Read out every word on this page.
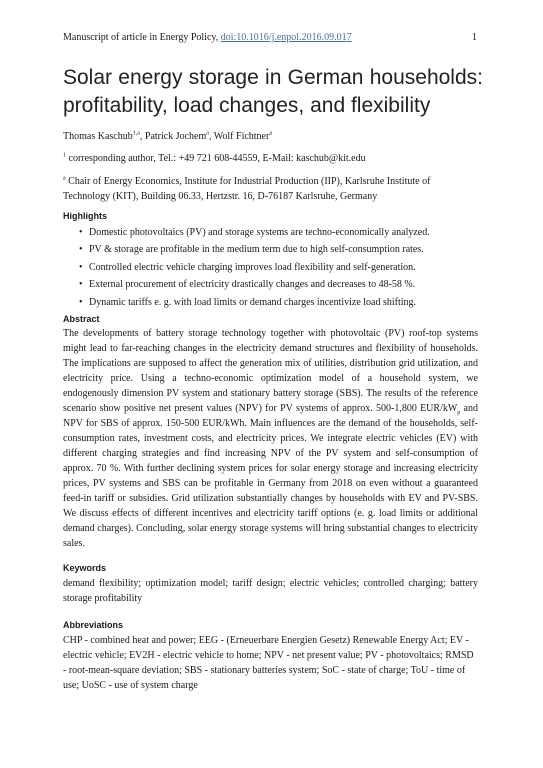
Manuscript of article in Energy Policy, doi:10.1016/j.enpol.2016.09.017	1
Solar energy storage in German households: profitability, load changes, and flexibility

Thomas Kaschub$^{1,a}$, Patrick Jochem$^a$, Wolf Fichtner$^a$

$^1$ corresponding author, Tel.: +49 721 608-44559, E-Mail: kaschub@kit.edu

$^a$ Chair of Energy Economics, Institute for Industrial Production (IIP), Karlsruhe Institute of Technology (KIT), Building 06.33, Hertzstr. 16, D-76187 Karlsruhe, Germany

Highlights

• Domestic photovoltaics (PV) and storage systems are techno-economically analyzed.
• PV & storage are profitable in the medium term due to high self-consumption rates.
• Controlled electric vehicle charging improves load flexibility and self-generation.
• External procurement of electricity drastically changes and decreases to 48-58 %.
• Dynamic tariffs e. g. with load limits or demand charges incentivize load shifting.

Abstract

The developments of battery storage technology together with photovoltaic (PV) roof-top systems might lead to far-reaching changes in the electricity demand structures and flexibility of households. The implications are supposed to affect the generation mix of utilities, distribution grid utilization, and electricity price. Using a techno-economic optimization model of a household system, we endogenously dimension PV system and stationary battery storage (SBS). The results of the reference scenario show positive net present values (NPV) for PV systems of approx. 500-1,800 EUR/$kW_p$ and NPV for SBS of approx. 150-500 EUR/kWh. Main influences are the demand of the households, self-consumption rates, investment costs, and electricity prices. We integrate electric vehicles (EV) with different charging strategies and find increasing NPV of the PV system and self-consumption of approx. 70 %. With further declining system prices for solar energy storage and increasing electricity prices, PV systems and SBS can be profitable in Germany from 2018 on even without a guaranteed feed-in tariff or subsidies. Grid utilization substantially changes by households with EV and PV-SBS. We discuss effects of different incentives and electricity tariff options (e. g. load limits or additional demand charges). Concluding, solar energy storage systems will bring substantial changes to electricity sales.

Keywords

demand flexibility; optimization model; tariff design; electric vehicles; controlled charging; battery storage profitability

Abbreviations

CHP - combined heat and power; EEG - (Erneuerbare Energien Gesetz) Renewable Energy Act; EV - electric vehicle; EV2H - electric vehicle to home; NPV - net present value; PV - photovoltaics; RMSD - root-mean-square deviation; SBS - stationary batteries system; SoC - state of charge; ToU - time of use; UoSC - use of system charge
